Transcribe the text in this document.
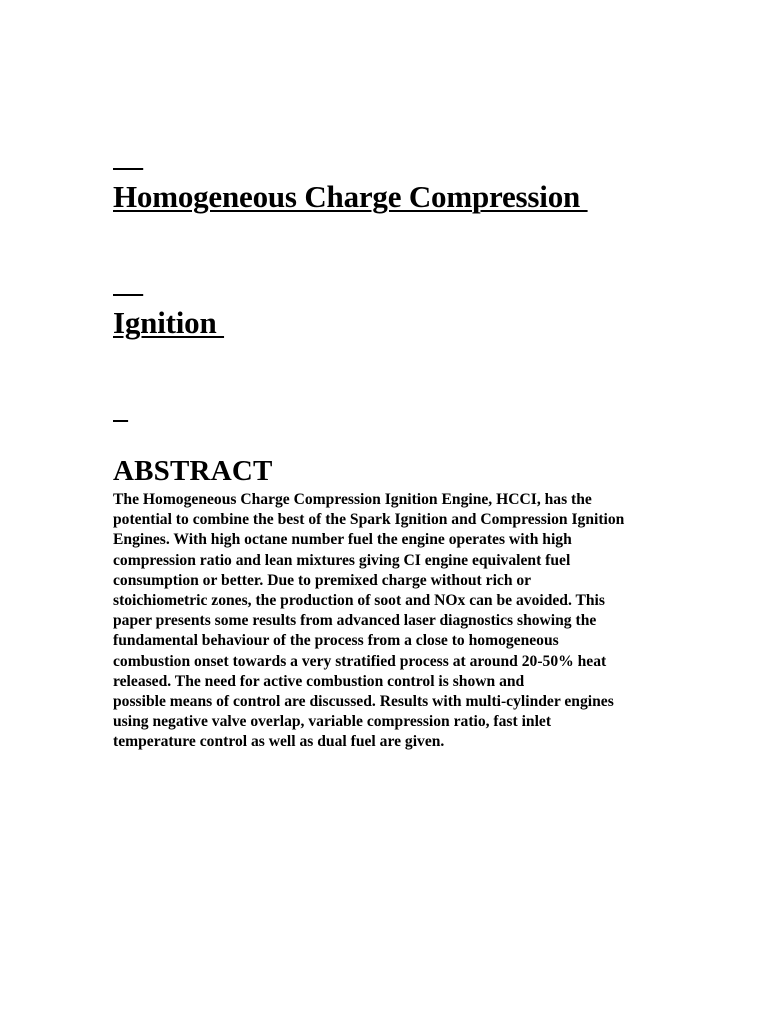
Homogeneous Charge Compression

Ignition

ABSTRACT
The Homogeneous Charge Compression Ignition Engine, HCCI, has the
potential to combine the best of the Spark Ignition and Compression Ignition
Engines. With high octane number fuel the engine operates with high
compression ratio and lean mixtures giving CI engine equivalent fuel
consumption or better. Due to premixed charge without rich or
stoichiometric zones, the production of soot and NOx can be avoided. This
paper presents some results from advanced laser diagnostics showing the
fundamental behaviour of the process from a close to homogeneous
combustion onset towards a very stratified process at around 20-50% heat
released. The need for active combustion control is shown and
possible means of control are discussed. Results with multi-cylinder engines
using negative valve overlap, variable compression ratio, fast inlet
temperature control as well as dual fuel are given.
